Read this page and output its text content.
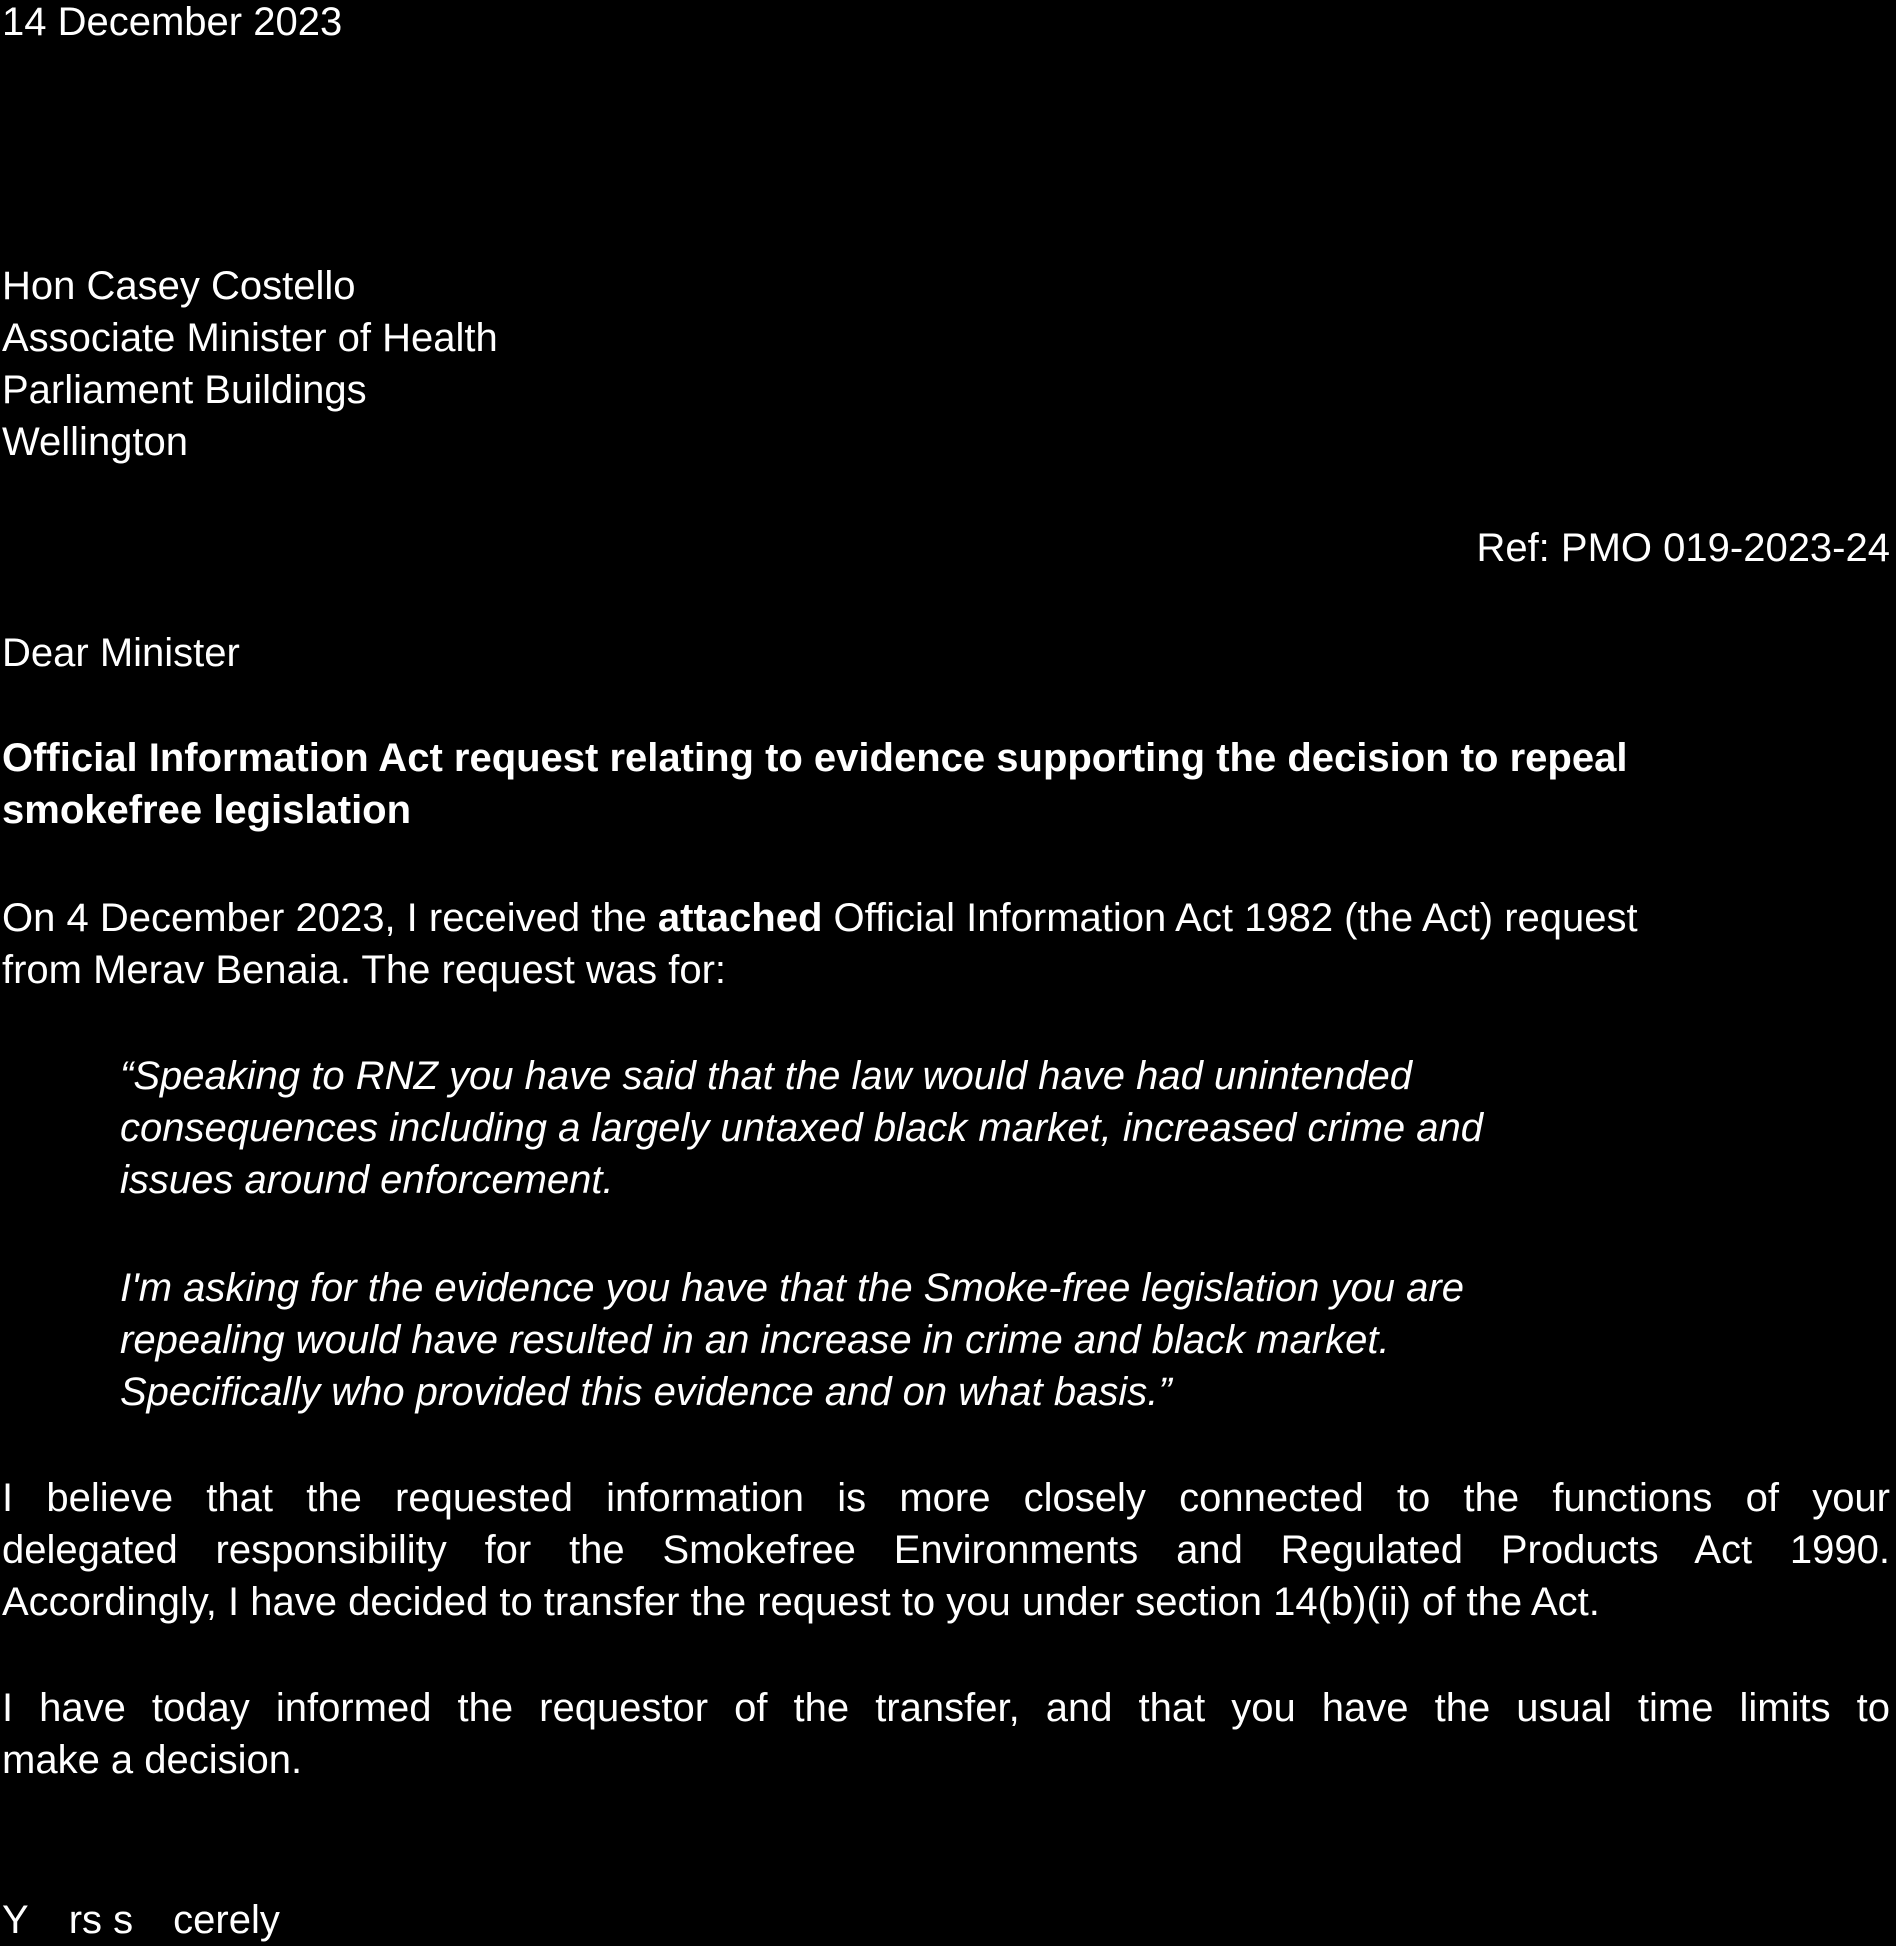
14 December 2023

Hon Casey Costello
Associate Minister of Health
Parliament Buildings
Wellington

Ref: PMO 019-2023-24

Dear Minister

Official Information Act request relating to evidence supporting the decision to repeal
smokefree legislation
On 4 December 2023, I received the attached Official Information Act 1982 (the Act) request
from Merav Benaia. The request was for:
“Speaking to RNZ you have said that the law would have had unintended
consequences including a largely untaxed black market, increased crime and
issues around enforcement.
I'm asking for the evidence you have that the Smoke-free legislation you are
repealing would have resulted in an increase in crime and black market.
Specifically who provided this evidence and on what basis.”
I believe that the requested information is more closely connected to the functions of your
delegated responsibility for the Smokefree Environments and Regulated Products Act 1990.
Accordingly, I have decided to transfer the request to you under section 14(b)(ii) of the Act.
I have today informed the requestor of the transfer, and that you have the usual time limits to
make a decision.
Y rs s cerely
